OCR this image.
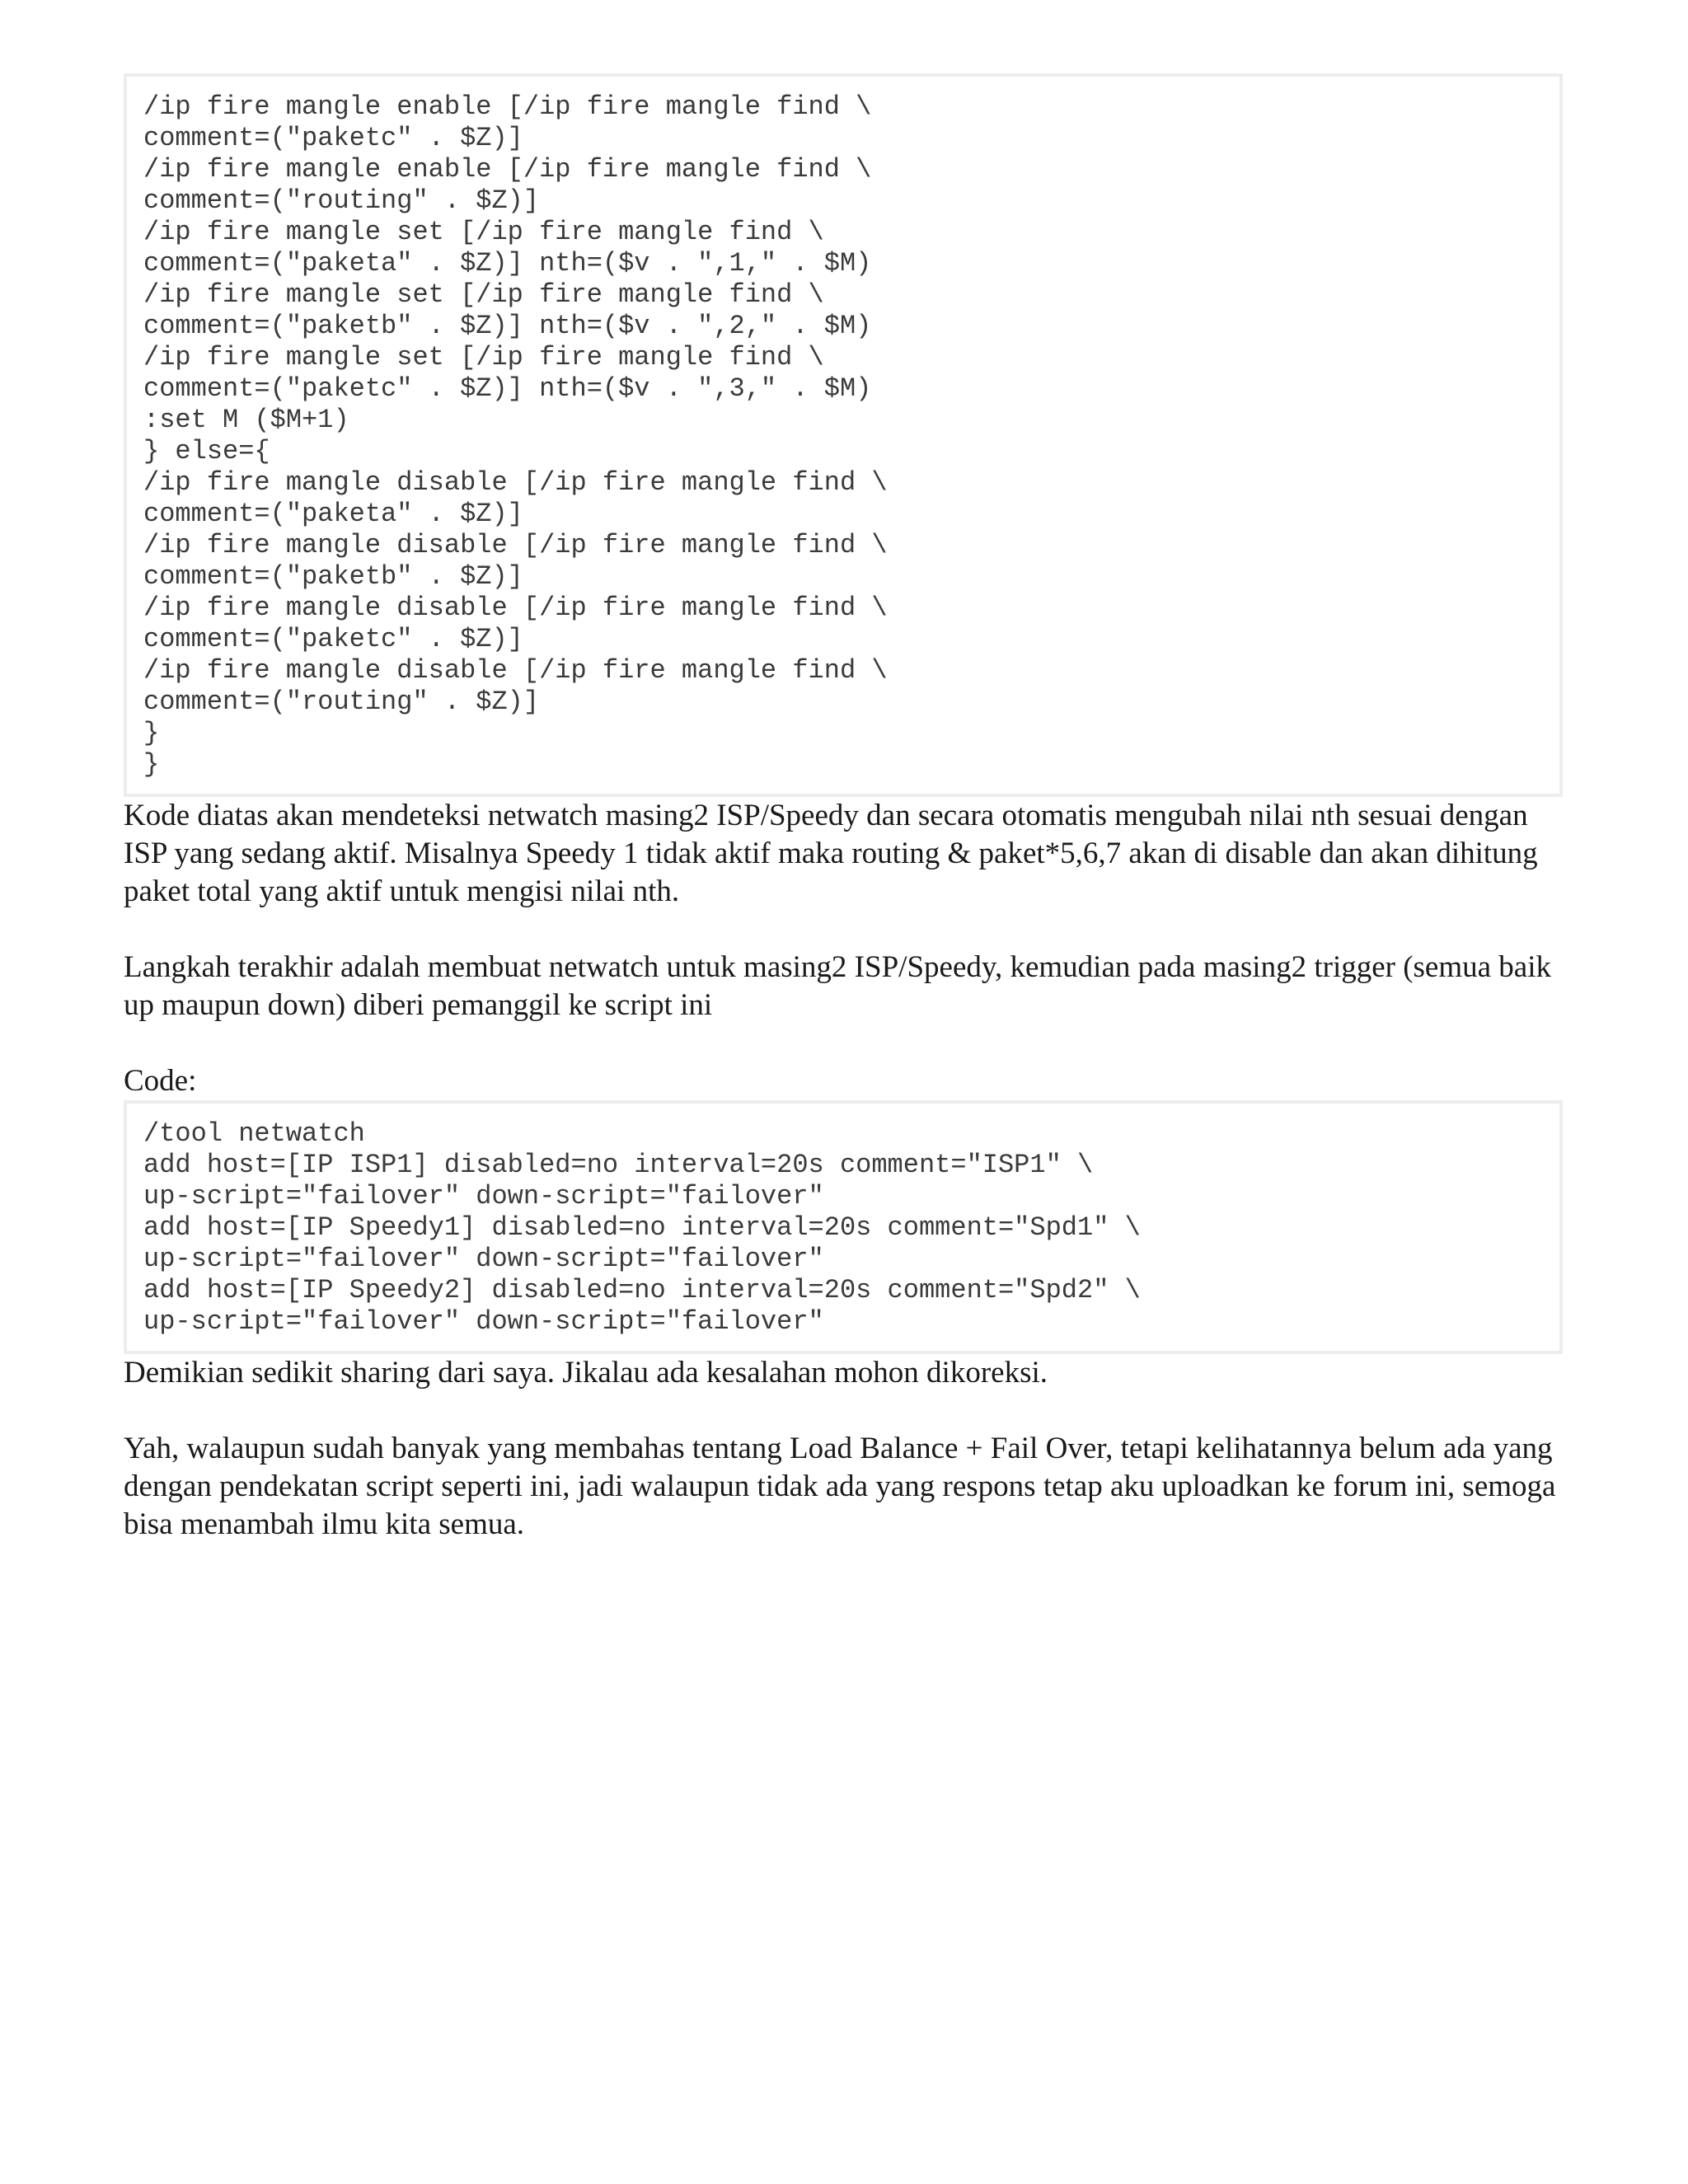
/ip fire mangle enable [/ip fire mangle find \
comment=("paketc" . $Z)]
/ip fire mangle enable [/ip fire mangle find \
comment=("routing" . $Z)]
/ip fire mangle set [/ip fire mangle find \
comment=("paketa" . $Z)] nth=($v . ",1," . $M)
/ip fire mangle set [/ip fire mangle find \
comment=("paketb" . $Z)] nth=($v . ",2," . $M)
/ip fire mangle set [/ip fire mangle find \
comment=("paketc" . $Z)] nth=($v . ",3," . $M)
:set M ($M+1)
} else={
/ip fire mangle disable [/ip fire mangle find \
comment=("paketa" . $Z)]
/ip fire mangle disable [/ip fire mangle find \
comment=("paketb" . $Z)]
/ip fire mangle disable [/ip fire mangle find \
comment=("paketc" . $Z)]
/ip fire mangle disable [/ip fire mangle find \
comment=("routing" . $Z)]
}
}

Kode diatas akan mendeteksi netwatch masing2 ISP/Speedy dan secara otomatis mengubah nilai nth sesuai dengan ISP yang sedang aktif. Misalnya Speedy 1 tidak aktif maka routing & paket*5,6,7 akan di disable dan akan dihitung paket total yang aktif untuk mengisi nilai nth.

Langkah terakhir adalah membuat netwatch untuk masing2 ISP/Speedy, kemudian pada masing2 trigger (semua baik up maupun down) diberi pemanggil ke script ini

Code:

/tool netwatch
add host=[IP ISP1] disabled=no interval=20s comment="ISP1" \
up-script="failover" down-script="failover"
add host=[IP Speedy1] disabled=no interval=20s comment="Spd1" \
up-script="failover" down-script="failover"
add host=[IP Speedy2] disabled=no interval=20s comment="Spd2" \
up-script="failover" down-script="failover"

Demikian sedikit sharing dari saya. Jikalau ada kesalahan mohon dikoreksi.

Yah, walaupun sudah banyak yang membahas tentang Load Balance + Fail Over, tetapi kelihatannya belum ada yang dengan pendekatan script seperti ini, jadi walaupun tidak ada yang respons tetap aku uploadkan ke forum ini, semoga bisa menambah ilmu kita semua.
